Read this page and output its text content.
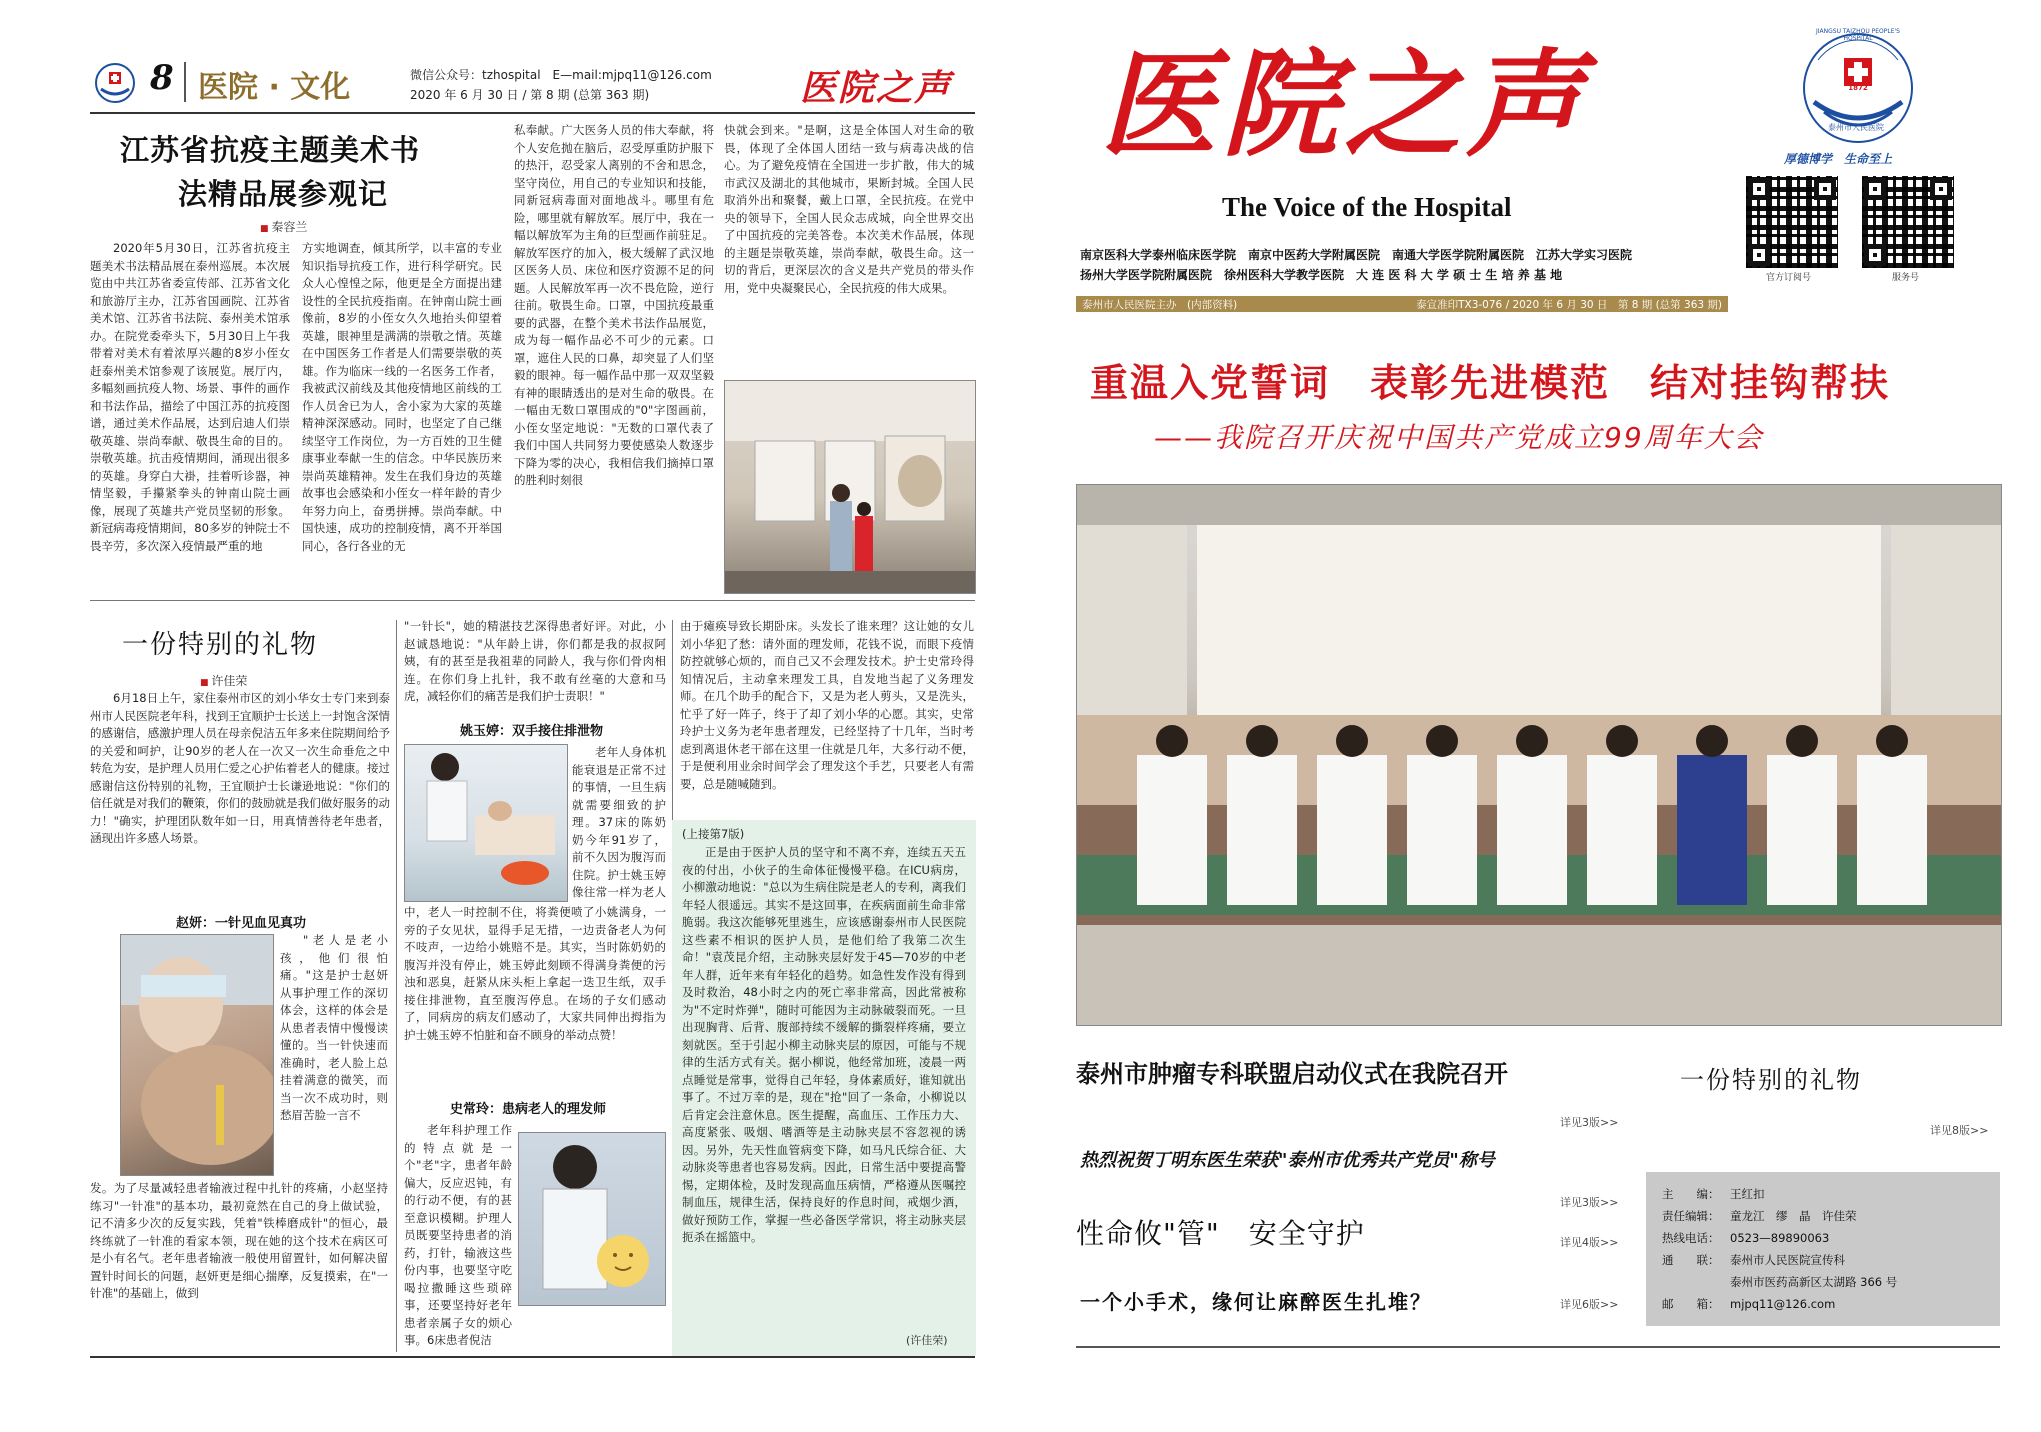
8 医院 · 文化	微信公众号：tzhospital　E—mail:mjpq11@126.com
2020 年 6 月 30 日 / 第 8 期 (总第 363 期)	医院之声
江苏省抗疫主题美术书
法精品展参观记
■ 秦容兰

2020年5月30日，江苏省抗疫主题美术书法精品展在泰州巡展。本次展览由中共江苏省委宣传部、江苏省文化和旅游厅主办，江苏省国画院、江苏省美术馆、江苏省书法院、泰州美术馆承办。在院党委牵头下，5月30日上午我带着对美术有着浓厚兴趣的8岁小侄女赶泰州美术馆参观了该展览。展厅内，多幅刻画抗疫人物、场景、事件的画作和书法作品，描绘了中国江苏的抗疫图谱，通过美术作品展，达到启迪人们崇敬英雄、崇尚奉献、敬畏生命的目的。崇敬英雄。抗击疫情期间，涌现出很多的英雄。身穿白大褂，挂着听诊器，神情坚毅，手攥紧拳头的钟南山院士画像，展现了英雄共产党员坚韧的形象。新冠病毒疫情期间，80多岁的钟院士不畏辛劳，多次深入疫情最严重的地

方实地调查，倾其所学，以丰富的专业知识指导抗疫工作，进行科学研究。民众人心惶惶之际，他更是全方面提出建设性的全民抗疫指南。在钟南山院士画像前，8岁的小侄女久久地抬头仰望着英雄，眼神里是满满的崇敬之情。英雄在中国医务工作者是人们需要崇敬的英雄。作为临床一线的一名医务工作者，我被武汉前线及其他疫情地区前线的工作人员舍已为人，舍小家为大家的英雄精神深深感动。同时，也坚定了自己继续坚守工作岗位，为一方百姓的卫生健康事业奉献一生的信念。中华民族历来崇尚英雄精神。发生在我们身边的英雄故事也会感染和小侄女一样年龄的青少年努力向上，奋勇拼搏。崇尚奉献。中国快速，成功的控制疫情，离不开举国同心，各行各业的无

私奉献。广大医务人员的伟大奉献，将个人安危抛在脑后，忍受厚重防护服下的热汗，忍受家人离别的不舍和思念，坚守岗位，用自己的专业知识和技能，同新冠病毒面对面地战斗。哪里有危险，哪里就有解放军。展厅中，我在一幅以解放军为主角的巨型画作前驻足。解放军医疗的加入，极大缓解了武汉地区医务人员、床位和医疗资源不足的问题。人民解放军再一次不畏危险，逆行往前。敬畏生命。口罩，中国抗疫最重要的武器，在整个美术书法作品展览，成为每一幅作品必不可少的元素。口罩，遮住人民的口鼻，却突显了人们坚毅的眼神。每一幅作品中那一双双坚毅有神的眼睛透出的是对生命的敬畏。在一幅由无数口罩围成的"0"字图画前，小侄女坚定地说："无数的口罩代表了我们中国人共同努力要使感染人数逐步下降为零的决心，我相信我们摘掉口罩的胜利时刻很

快就会到来。"是啊，这是全体国人对生命的敬畏，体现了全体国人团结一致与病毒决战的信心。为了避免疫情在全国进一步扩散，伟大的城市武汉及湖北的其他城市，果断封城。全国人民取消外出和聚餐，戴上口罩，全民抗疫。在党中央的领导下，全国人民众志成城，向全世界交出了中国抗疫的完美答卷。本次美术作品展，体现的主题是崇敬英雄，崇尚奉献，敬畏生命。这一切的背后，更深层次的含义是共产党员的带头作用，党中央凝聚民心，全民抗疫的伟大成果。

一份特别的礼物
■ 许佳荣

6月18日上午，家住泰州市区的刘小华女士专门来到泰州市人民医院老年科，找到王宜顺护士长送上一封饱含深情的感谢信，感激护理人员在母亲倪洁五年多来住院期间给予的关爱和呵护，让90岁的老人在一次又一次生命垂危之中转危为安，是护理人员用仁爱之心护佑着老人的健康。接过感谢信这份特别的礼物，王宜顺护士长谦逊地说："你们的信任就是对我们的鞭策，你们的鼓励就是我们做好服务的动力！"确实，护理团队数年如一日，用真情善待老年患者，涵现出许多感人场景。

赵妍：一针见血见真功

"老人是老小孩，他们很怕痛。"这是护士赵妍从事护理工作的深切体会，这样的体会是从患者表情中慢慢读懂的。当一针快速而准确时，老人脸上总挂着满意的微笑，而当一次不成功时，则愁眉苦脸一言不

发。为了尽量减轻患者输液过程中扎针的疼痛，小赵坚持练习"一针准"的基本功，最初竟然在自己的身上做试验，记不清多少次的反复实践，凭着"铁棒磨成针"的恒心，最终练就了一针准的看家本领，现在她的这个技术在病区可是小有名气。老年患者输液一般使用留置针，如何解决留置针时间长的问题，赵妍更是细心揣摩，反复摸索，在"一针准"的基础上，做到

"一针长"，她的精湛技艺深得患者好评。对此，小赵诚恳地说："从年龄上讲，你们都是我的叔叔阿姨，有的甚至是我祖辈的同龄人，我与你们骨肉相连。在你们身上扎针，我不敢有丝毫的大意和马虎，减轻你们的痛苦是我们护士责职！"

姚玉婷：双手接住排泄物

老年人身体机能衰退是正常不过的事情，一旦生病就需要细致的护理。37床的陈奶奶今年91岁了，前不久因为腹泻而住院。护士姚玉婷像往常一样为老人

中，老人一时控制不住，将粪便喷了小姚满身，一旁的子女见状，显得手足无措，一边责备老人为何不吱声，一边给小姚赔不是。其实，当时陈奶奶的腹泻并没有停止，姚玉婷此刻顾不得满身粪便的污浊和恶臭，赶紧从床头柜上拿起一迭卫生纸，双手接住排泄物，直至腹泻停息。在场的子女们感动了，同病房的病友们感动了，大家共同伸出拇指为护士姚玉婷不怕脏和奋不顾身的举动点赞！

史常玲：患病老人的理发师

老年科护理工作的特点就是一个"老"字，患者年龄偏大，反应迟钝，有的行动不便，有的甚至意识模糊。护理人员既要坚持患者的消药，打针，输液这些份内事，也要坚守吃喝拉撒睡这些琐碎事，还要坚持好老年患者亲属子女的烦心事。6床患者倪洁

由于瘫痪导致长期卧床。头发长了谁来理？这让她的女儿刘小华犯了愁：请外面的理发师，花钱不说，而眼下疫情防控就够心烦的，而自己又不会理发技术。护士史常玲得知情况后，主动拿来理发工具，自发地当起了义务理发师。在几个助手的配合下，又是为老人剪头，又是洗头，忙乎了好一阵子，终于了却了刘小华的心愿。其实，史常玲护士义务为老年患者理发，已经坚持了十几年，当时考虑到离退休老干部在这里一住就是几年，大多行动不便，于是便利用业余时间学会了理发这个手艺，只要老人有需要，总是随喊随到。

(上接第7版)

正是由于医护人员的坚守和不离不弃，连续五天五夜的付出，小伙子的生命体征慢慢平稳。在ICU病房，小柳激动地说："总以为生病住院是老人的专利，离我们年轻人很遥远。其实不是这回事，在疾病面前生命非常脆弱。我这次能够死里逃生，应该感谢泰州市人民医院这些素不相识的医护人员，是他们给了我第二次生命！"袁茂昆介绍，主动脉夹层好发于45—70岁的中老年人群，近年来有年轻化的趋势。如急性发作没有得到及时救治，48小时之内的死亡率非常高，因此常被称为"不定时炸弹"，随时可能因为主动脉破裂而死。一旦出现胸背、后背、腹部持续不缓解的撕裂样疼痛，要立刻就医。至于引起小柳主动脉夹层的原因，可能与不规律的生活方式有关。据小柳说，他经常加班，凌晨一两点睡觉是常事，觉得自己年轻，身体素质好，谁知就出事了。不过万幸的是，现在"抢"回了一条命，小柳说以后肯定会注意休息。医生提醒，高血压、工作压力大、高度紧张、吸烟、嗜酒等是主动脉夹层不容忽视的诱因。另外，先天性血管病变下降，如马凡氏综合征、大动脉炎等患者也容易发病。因此，日常生活中要提高警惕，定期体检，及时发现高血压病情，严格遵从医嘱控制血压，规律生活，保持良好的作息时间，戒烟少酒，做好预防工作，掌握一些必备医学常识，将主动脉夹层扼杀在摇篮中。

(许佳荣)
医院之声
The Voice of the Hospital
JIANGSU TAIZHOU PEOPLE'S HOSPITAL
1872
泰州市人民医院
厚德博学　生命至上
官方订阅号	服务号
南京医科大学泰州临床医学院　南京中医药大学附属医院　南通大学医学院附属医院　江苏大学实习医院
扬州大学医学院附属医院　徐州医科大学教学医院　大 连 医 科 大 学 硕 士 生 培 养 基 地
泰州市人民医院主办　(内部资料)	泰宣准印TX3-076 / 2020 年 6 月 30 日　第 8 期 (总第 363 期)
重温入党誓词　表彰先进模范　结对挂钩帮扶
——我院召开庆祝中国共产党成立99周年大会
泰州市肿瘤专科联盟启动仪式在我院召开
详见3版>>
一份特别的礼物
详见8版>>
热烈祝贺丁明东医生荣获"泰州市优秀共产党员"称号
详见3版>>
性命攸"管"　安全守护	详见4版>>
一个小手术，缘何让麻醉医生扎堆？	详见6版>>
主　　编： 王红扣
责任编辑： 童龙江　缪　晶　许佳荣
热线电话： 0523—89890063
通　　联： 泰州市人民医院宣传科
泰州市医药高新区太湖路 366 号
邮　　箱： mjpq11@126.com
